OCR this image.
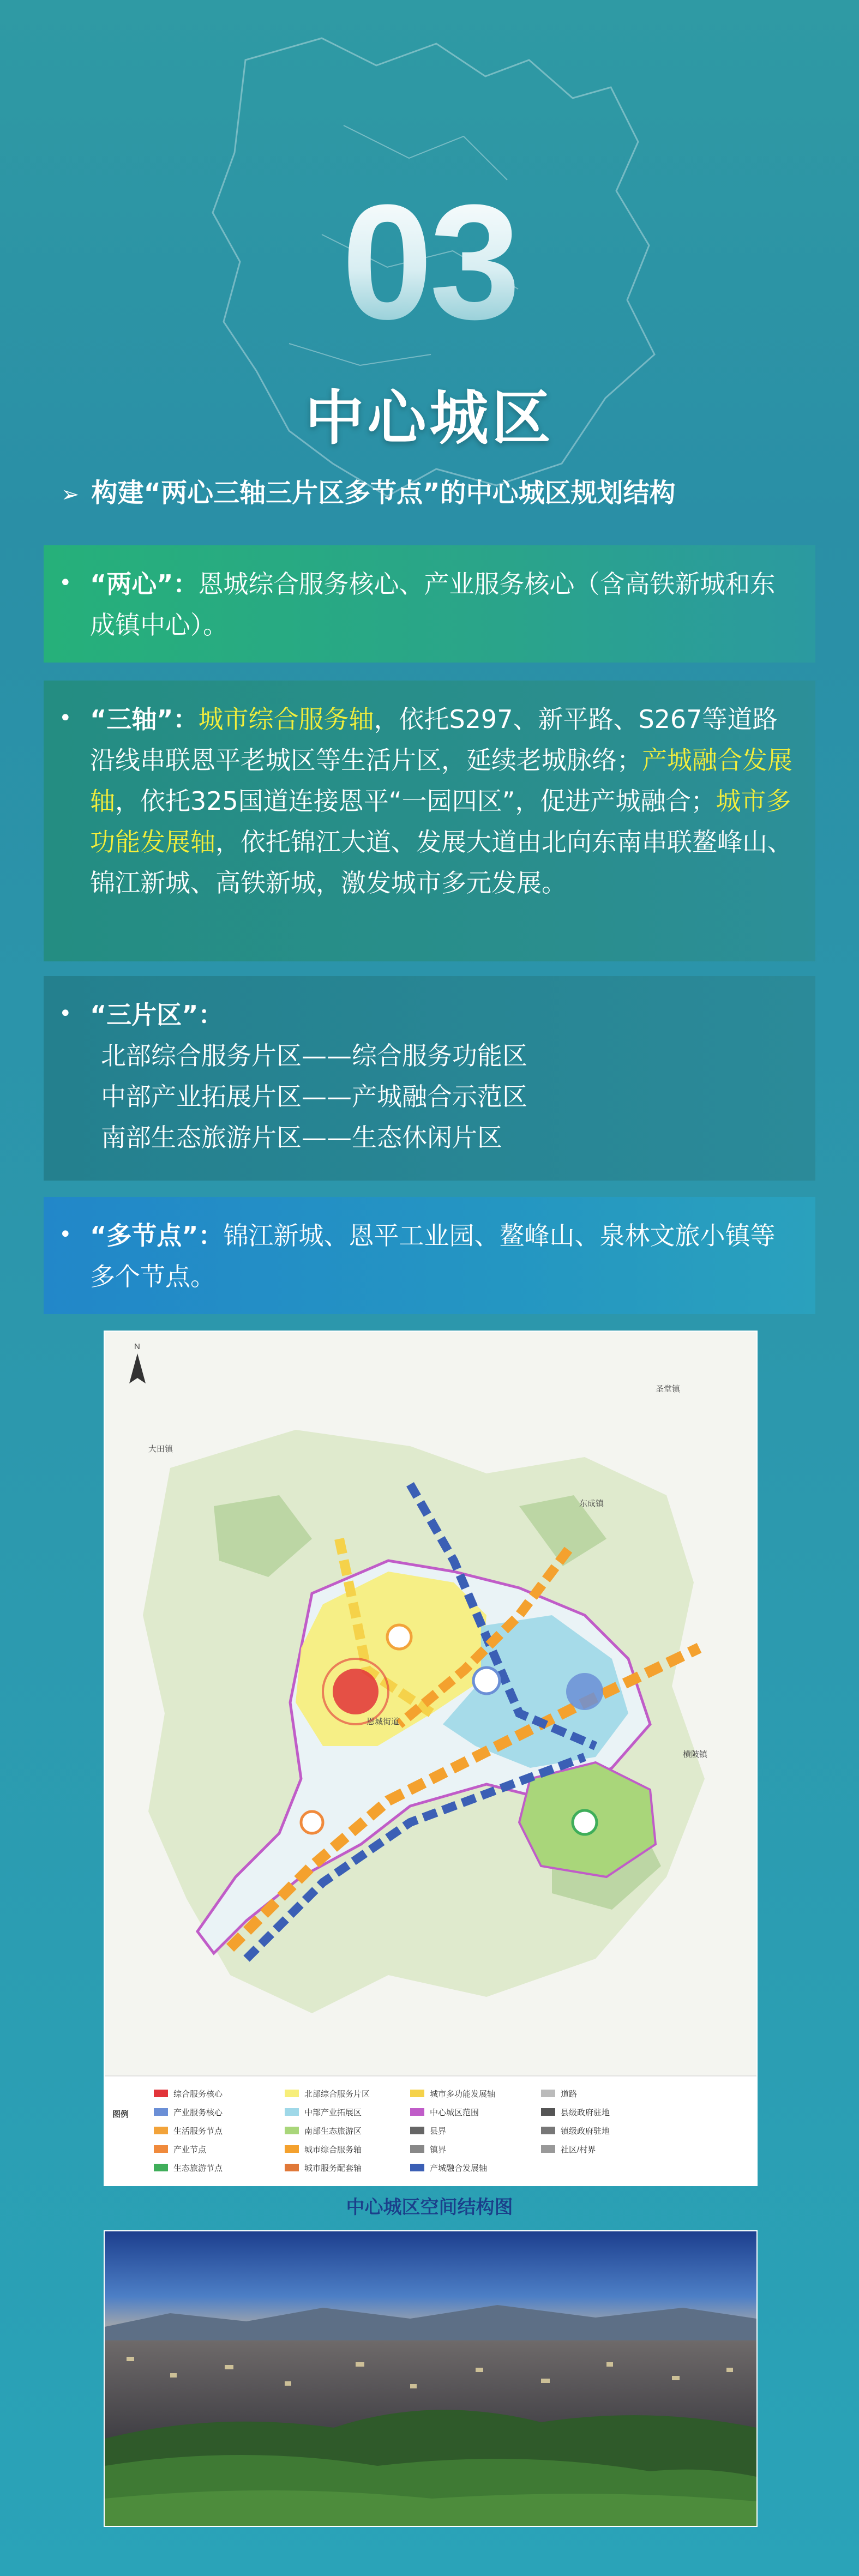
03
中心城区
➢ 构建“两心三轴三片区多节点”的中心城区规划结构
• “两心”：恩城综合服务核心、产业服务核心（含高铁新城和东成镇中心）。
• “三轴”：城市综合服务轴，依托S297、新平路、S267等道路沿线串联恩平老城区等生活片区，延续老城脉络；产城融合发展轴，依托325国道连接恩平“一园四区”，促进产城融合；城市多功能发展轴，依托锦江大道、发展大道由北向东南串联鳌峰山、锦江新城、高铁新城，激发城市多元发展。
• “三片区”：
北部综合服务片区——综合服务功能区
中部产业拓展片区——产城融合示范区
南部生态旅游片区——生态休闲片区
• “多节点”：锦江新城、恩平工业园、鳌峰山、泉林文旅小镇等多个节点。
N
东成镇
圣堂镇
恩城街道
横陂镇
大田镇
图例
综合服务核心
产业服务核心
生活服务节点
产业节点
生态旅游节点
北部综合服务片区
中部产业拓展区
南部生态旅游区
城市综合服务轴
城市服务配套轴
城市多功能发展轴
中心城区范围
县界
镇界
产城融合发展轴
道路
县级政府驻地
镇级政府驻地
社区/村界
中心城区空间结构图
